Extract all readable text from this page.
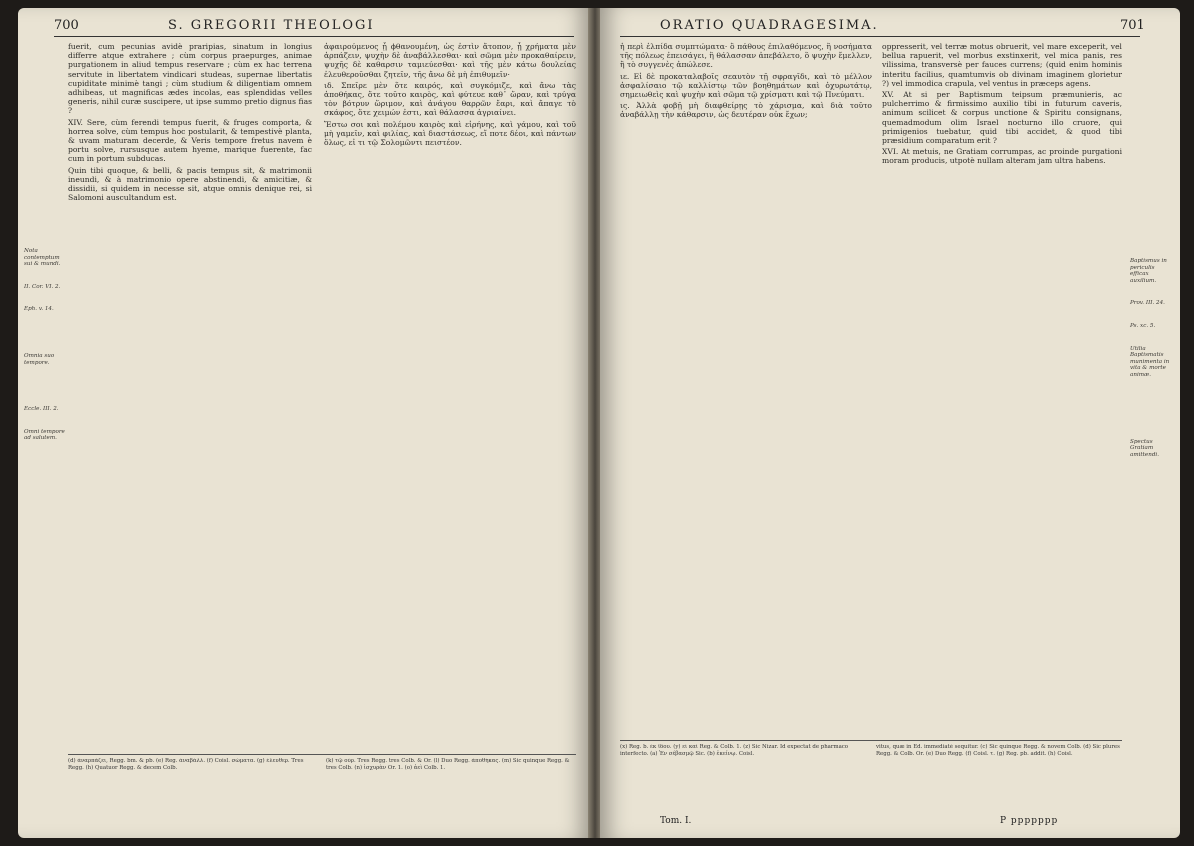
700	S. GREGORII THEOLOGI
Nota contemptum sui & mundi.
II. Cor. VI. 2.
Eph. v. 14.
Omnia suo tempore.
Eccle. III. 2.
Omni tempore ad salutem.

fuerit, cum pecunias avidè praripias, sinatum in longius differre atque extrahere ; cùm corpus praepurges, animae purgationem in aliud tempus reservare ; cùm ex hac terrena servitute in libertatem vindicari studeas, supernae libertatis cupiditate minimè tangi ; cùm studium & diligentiam omnem adhibeas, ut magnificas ædes incolas, eas splendidas velles generis, nihil curæ suscipere, ut ipse summo pretio dignus fias ?

XIV. Sere, cùm ferendi tempus fuerit, & fruges comporta, & horrea solve, cùm tempus hoc postularit, & tempestivè planta, & uvam maturam decerde, & Veris tempore fretus navem è portu solve, rursusque autem hyeme, marique fuerente, fac cum in portum subducas.

Quin tibi quoque, & belli, & pacis tempus sit, & matrimonii ineundi, & à matrimonio opere abstinendi, & amicitiæ, & dissidii, si quidem in necesse sit, atque omnis denique rei, si Salomoni auscultandum est.

ἀφαιρούμενος ᾗ ϕθανουμένη, ὡς ἐστὶν ἄτοπον, ᾗ χρήματα μὲν ἀρπάζειν, ψυχὴν δὲ ἀναβάλλεσθαι· καὶ σῶμα μὲν προκαθαίρειν, ψυχῆς δὲ καθαρσιν ταμιεύεσθαι· καὶ τῆς μὲν κάτω δουλείας ἐλευθεροῦσθαι ζητεῖν, τῆς ἄνω δὲ μὴ ἐπιθυμεῖν·

ιδ. Σπεῖρε μὲν ὅτε καιρός, καὶ συγκόμιζε, καὶ ἄνω τὰς ἀποθήκας, ὅτε τοῦτο καιρὸς, καὶ φύτευε καθ᾽ ὥραν, καὶ τρύγα τὸν βότρυν ὥριμον, καὶ ἀνάγου θαρρῶν ἔαρι, καὶ ἄπαγε τὸ σκάφος, ὅτε χειμών ἐστι, καὶ θάλασσα ἀγριαίνει.

Ἔστω σοι καὶ πολέμου καιρὸς καὶ εἰρήνης, καὶ γάμου, καὶ τοῦ μὴ γαμεῖν, καὶ φιλίας, καὶ διαστάσεως, εἴ ποτε δέοι, καὶ πάντων ὅλως, εἰ τι τῷ Σολομῶντι πειστέον.

(d) ἀναρπάζει, Regg. bm. & pb. (e) Reg. ἀναβάλλ. (f) Coisl. σώματα. (g) ἐλευθερ. Tres Regg. (h) Quatuor Regg. & decem Colb.
(k) τῷ οὐρ. Tres Regg. tres Colb. & Or. (l) Duo Regg. ἀποθήκας. (m) Sic quinque Regg. & tres Colb. (n) ἰσχυρὰν Or. 1. (o) ἀεὶ Colb. 1.
ORATIO QUADRAGESIMA.	701

ἡ περὶ ἐλπίδα συμπτώματα· ὃ πάθους ἐπιλαθόμενος, ἢ νοσήματα τῆς πόλεως ἐπεισάγει, ἢ θάλασσαν ἀπεβάλετο, ὃ ψυχὴν ἔμελλεν, ἢ τὸ συγγενὲς ἀπώλεσε.

ιε. Εἰ δὲ προκαταλαβοῖς σεαυτὸν τῇ σφραγῖδι, καὶ τὸ μέλλον ἀσφαλίσαιο τῷ καλλίστῳ τῶν βοηθημάτων καὶ ὀχυρωτάτῳ, σημειωθεὶς καὶ ψυχὴν καὶ σῶμα τῷ χρίσματι καὶ τῷ Πνεύματι.

ις. Ἀλλὰ φοβῇ μὴ διαφθείρῃς τὸ χάρισμα, καὶ διὰ τοῦτο ἀναβάλλῃ τὴν κάθαρσιν, ὡς δευτέραν οὐκ ἔχων;

oppresserit, vel terræ motus obruerit, vel mare exceperit, vel bellua rapuerit, vel morbus exstinxerit, vel mica panis, res vilissima, transversè per fauces currens; (quid enim hominis interitu facilius, quamtumvis ob divinam imaginem glorietur ?) vel immodica crapula, vel ventus in præceps agens.

XV. At si per Baptismum teipsum præmunieris, ac pulcherrimo & firmissimo auxilio tibi in futurum caveris, animum scilicet & corpus unctione & Spiritu consignans, quemadmodum olim Israel nocturno illo cruore, qui primigenios tuebatur, quid tibi accidet, & quod tibi præsidium comparatum erit ?

XVI. At metuis, ne Gratiam corrumpas, ac proinde purgationi moram producis, utpotè nullam alteram jam ultra habens.

Baptismus in periculis efficax auxilium.
Prov. III. 24.
Ps. xc. 5.
Utilia Baptismatis munimenta in vita & morte animæ.
Spectus Gratiam amittendi.
(x) Reg. b. ἐκ ἴδου. (y) εἶ καὶ Reg. & Colb. 1. (z) Sic Nizar. Id expectat de pharmaco interfecto. (a) Ἐν σέβασμῷ Sic. (b) ἐκείνῳ. Coisl.
vitus, quæ in Ed. immediatè sequitur. (c) Sic quinque Regg. & novem Colb. (d) Sic plures Regg. & Colb. Or. (e) Duo Regg. (f) Coisl. τ. (g) Reg. pb. addit. (h) Coisl.
Tom. I.	P ppppppp
